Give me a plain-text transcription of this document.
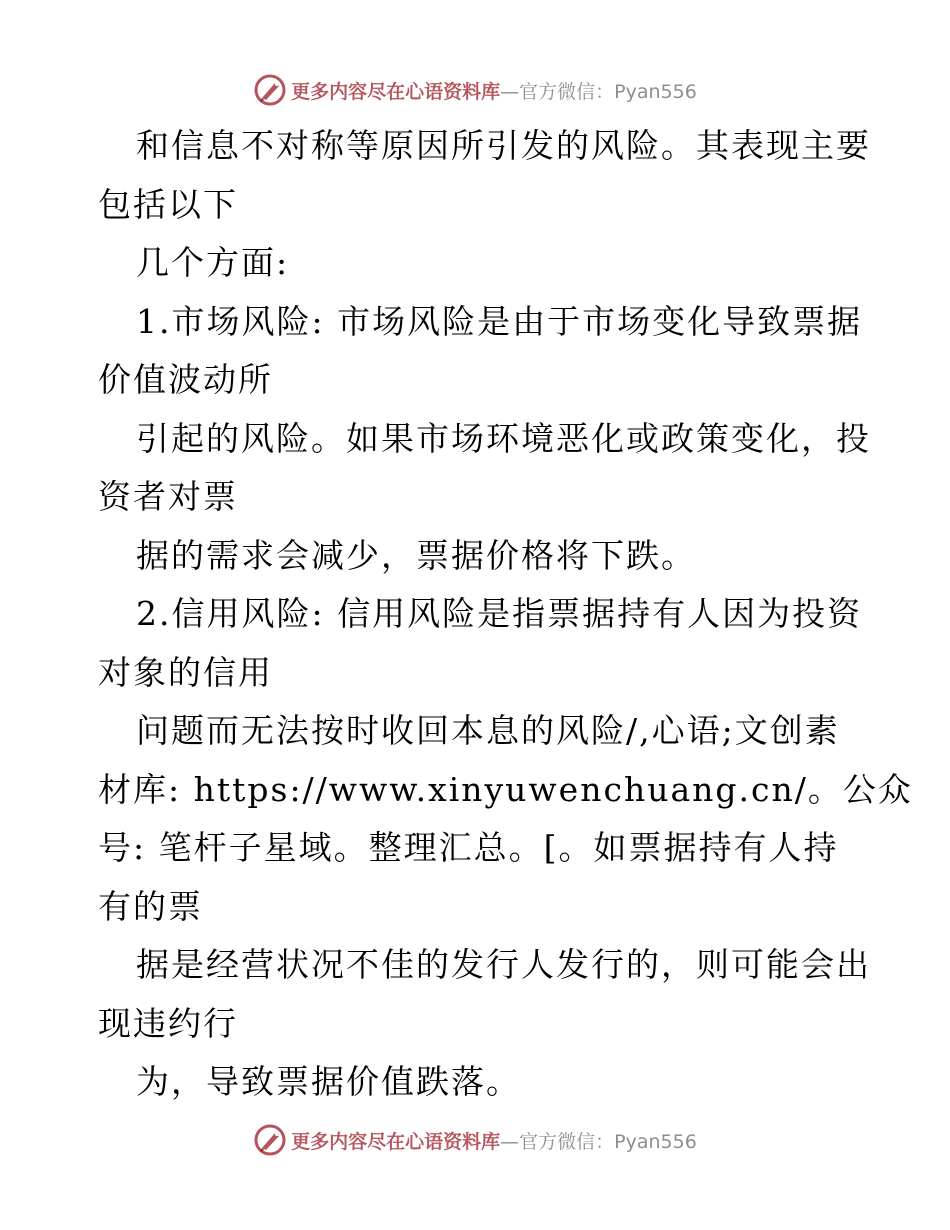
更多内容尽在心语资料库—官方微信：Pyan556
和信息不对称等原因所引发的风险。其表现主要
包括以下
几个方面:
1.市场风险: 市场风险是由于市场变化导致票据
价值波动所
引起的风险。如果市场环境恶化或政策变化，投
资者对票
据的需求会减少，票据价格将下跌。
2.信用风险: 信用风险是指票据持有人因为投资
对象的信用
问题而无法按时收回本息的风险/,心语;文创素
材库: https://www.xinyuwenchuang.cn/。公众
号: 笔杆子星域。整理汇总。[。如票据持有人持
有的票
据是经营状况不佳的发行人发行的，则可能会出
现违约行
为，导致票据价值跌落。
更多内容尽在心语资料库—官方微信：Pyan556
